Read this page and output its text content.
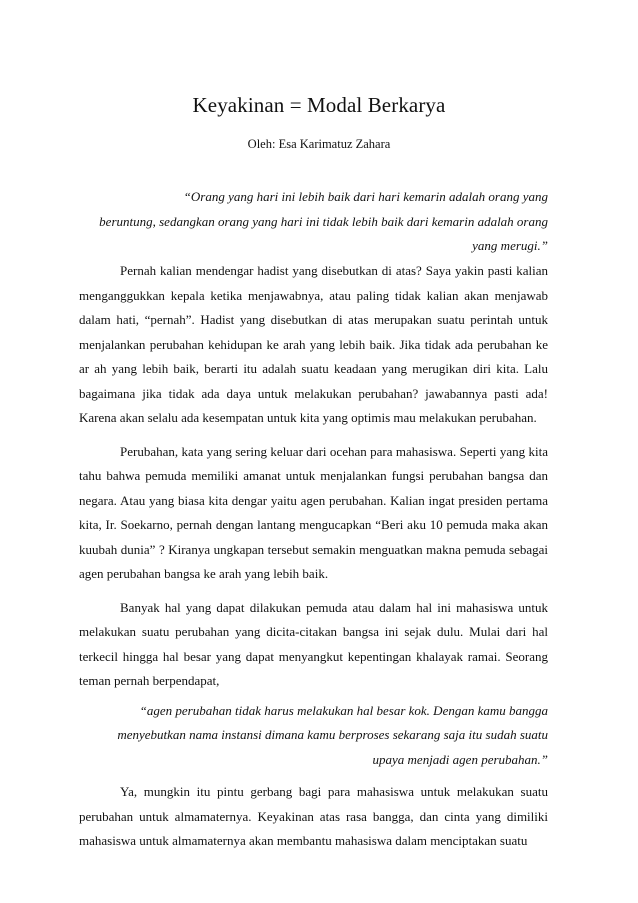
Keyakinan = Modal Berkarya
Oleh: Esa Karimatuz Zahara
“Orang yang hari ini lebih baik dari hari kemarin adalah orang yang
beruntung, sedangkan orang yang hari ini tidak lebih baik dari kemarin adalah orang
yang merugi.”

Pernah kalian mendengar hadist yang disebutkan di atas? Saya yakin pasti kalian menganggukkan kepala ketika menjawabnya, atau paling tidak kalian akan menjawab dalam hati, “pernah”. Hadist yang disebutkan di atas merupakan suatu perintah untuk menjalankan perubahan kehidupan ke arah yang lebih baik. Jika tidak ada perubahan ke ar ah yang lebih baik, berarti itu adalah suatu keadaan yang merugikan diri kita. Lalu bagaimana jika tidak ada daya untuk melakukan perubahan? jawabannya pasti ada! Karena akan selalu ada kesempatan untuk kita yang optimis mau melakukan perubahan.

Perubahan, kata yang sering keluar dari ocehan para mahasiswa. Seperti yang kita tahu bahwa pemuda memiliki amanat untuk menjalankan fungsi perubahan bangsa dan negara. Atau yang biasa kita dengar yaitu agen perubahan. Kalian ingat presiden pertama kita, Ir. Soekarno, pernah dengan lantang mengucapkan “Beri aku 10 pemuda maka akan kuubah dunia” ? Kiranya ungkapan tersebut semakin menguatkan makna pemuda sebagai agen perubahan bangsa ke arah yang lebih baik.

Banyak hal yang dapat dilakukan pemuda atau dalam hal ini mahasiswa untuk melakukan suatu perubahan yang dicita-citakan bangsa ini sejak dulu. Mulai dari hal terkecil hingga hal besar yang dapat menyangkut kepentingan khalayak ramai. Seorang teman pernah berpendapat,

“agen perubahan tidak harus melakukan hal besar kok. Dengan kamu bangga
menyebutkan nama instansi dimana kamu berproses sekarang saja itu sudah suatu
upaya menjadi agen perubahan.”

Ya, mungkin itu pintu gerbang bagi para mahasiswa untuk melakukan suatu perubahan untuk almamaternya. Keyakinan atas rasa bangga, dan cinta yang dimiliki mahasiswa untuk almamaternya akan membantu mahasiswa dalam menciptakan suatu
